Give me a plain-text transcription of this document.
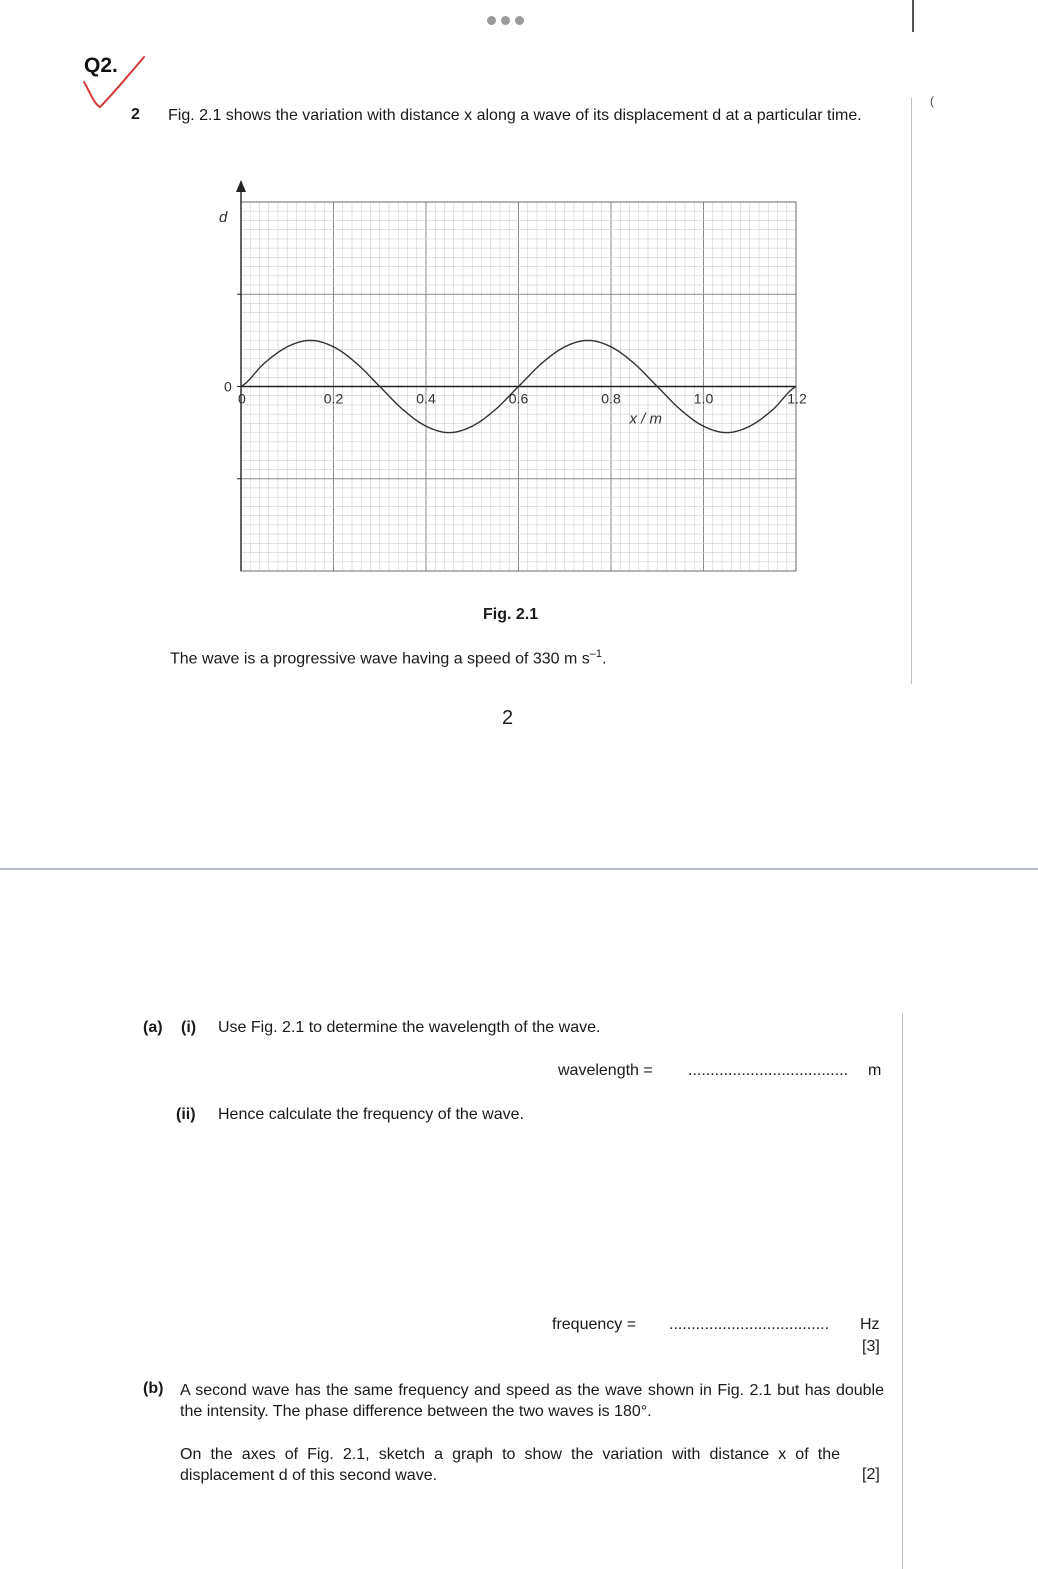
Q2.
(
2 Fig. 2.1 shows the variation with distance x along a wave of its displacement d at a particular time.
d
0
0	0.2	0.4	0.6	0.8	1.0	1.2
x / m
Fig. 2.1
The wave is a progressive wave having a speed of 330 m $s^{-1}$.
2
(a) (i) Use Fig. 2.1 to determine the wavelength of the wave.
wavelength = .................................... m
(ii) Hence calculate the frequency of the wave.
frequency = .................................... Hz
[3]
(b) A second wave has the same frequency and speed as the wave shown in Fig. 2.1 but has double the intensity. The phase difference between the two waves is 180°.
On the axes of Fig. 2.1, sketch a graph to show the variation with distance x of the displacement d of this second wave.	[2]
